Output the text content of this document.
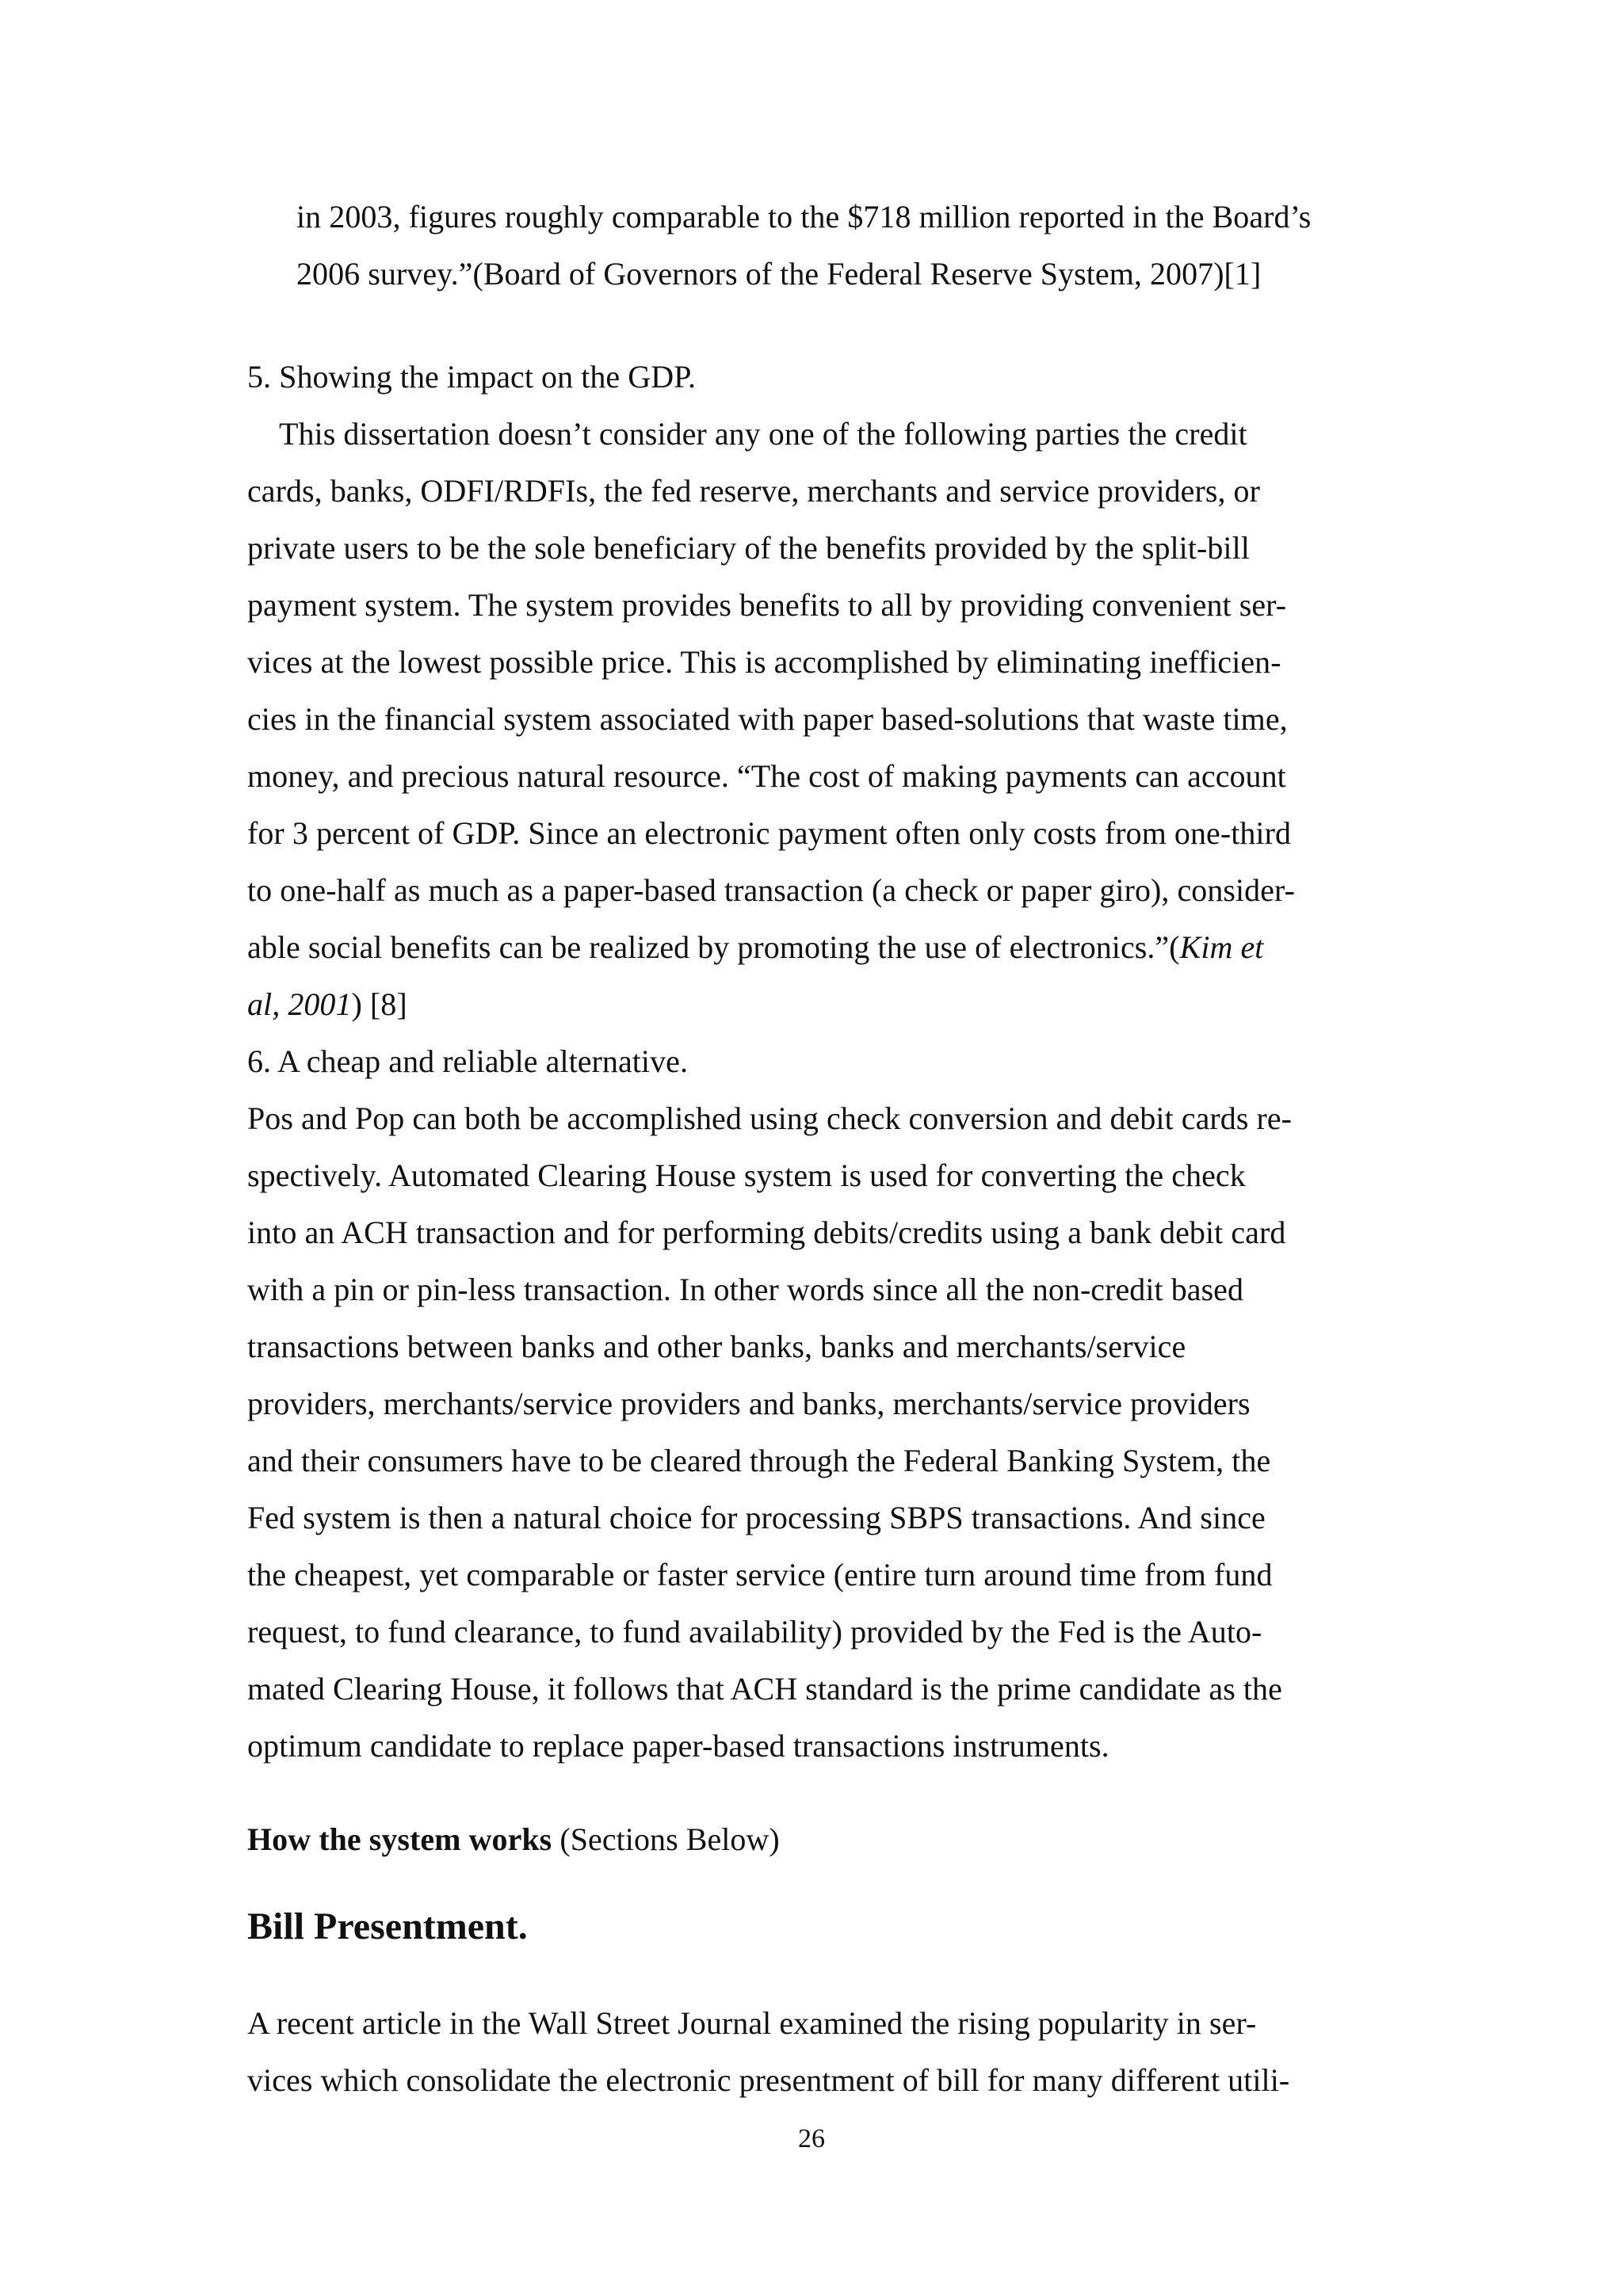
in 2003, figures roughly comparable to the $718 million reported in the Board’s
2006 survey.”(Board of Governors of the Federal Reserve System, 2007)[1]
5. Showing the impact on the GDP.
This dissertation doesn’t consider any one of the following parties the credit
cards, banks, ODFI/RDFIs, the fed reserve, merchants and service providers, or
private users to be the sole beneficiary of the benefits provided by the split-bill
payment system. The system provides benefits to all by providing convenient ser-
vices at the lowest possible price. This is accomplished by eliminating inefficien-
cies in the financial system associated with paper based-solutions that waste time,
money, and precious natural resource. “The cost of making payments can account
for 3 percent of GDP. Since an electronic payment often only costs from one-third
to one-half as much as a paper-based transaction (a check or paper giro), consider-
able social benefits can be realized by promoting the use of electronics.”(Kim et
al, 2001) [8]
6. A cheap and reliable alternative.
Pos and Pop can both be accomplished using check conversion and debit cards re-
spectively. Automated Clearing House system is used for converting the check
into an ACH transaction and for performing debits/credits using a bank debit card
with a pin or pin-less transaction. In other words since all the non-credit based
transactions between banks and other banks, banks and merchants/service
providers, merchants/service providers and banks, merchants/service providers
and their consumers have to be cleared through the Federal Banking System, the
Fed system is then a natural choice for processing SBPS transactions. And since
the cheapest, yet comparable or faster service (entire turn around time from fund
request, to fund clearance, to fund availability) provided by the Fed is the Auto-
mated Clearing House, it follows that ACH standard is the prime candidate as the
optimum candidate to replace paper-based transactions instruments.
How the system works (Sections Below)
Bill Presentment.
A recent article in the Wall Street Journal examined the rising popularity in ser-
vices which consolidate the electronic presentment of bill for many different utili-
26
